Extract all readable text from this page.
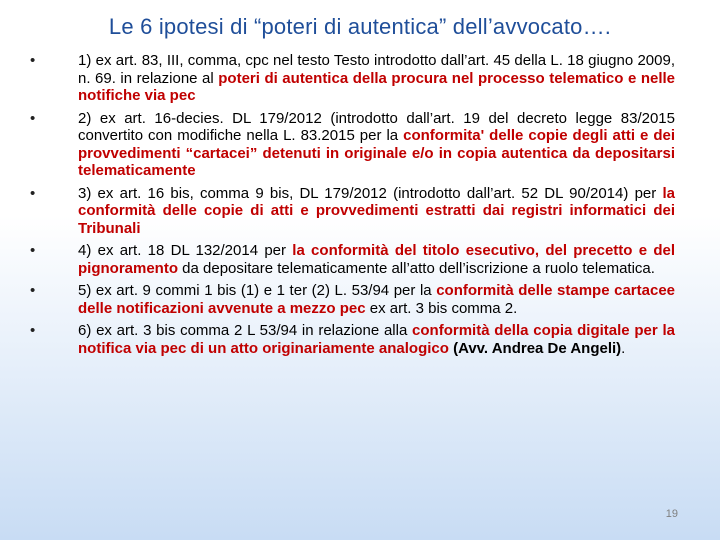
Le 6 ipotesi di “poteri di autentica” dell’avvocato….
•	1) ex art. 83, III, comma, cpc nel testo Testo introdotto dall’art. 45 della L. 18 giugno 2009, n. 69. in relazione al poteri di autentica della procura nel processo telematico e nelle notifiche via pec
•	2) ex art. 16-decies. DL 179/2012 (introdotto dall’art. 19 del decreto legge 83/2015 convertito con modifiche nella L. 83.2015 per la conformita' delle copie degli atti e dei provvedimenti “cartacei” detenuti in originale e/o in copia autentica da depositarsi telematicamente
•	3) ex art. 16 bis, comma 9 bis, DL 179/2012 (introdotto dall’art. 52 DL 90/2014) per la conformità delle copie di atti e provvedimenti estratti dai registri informatici dei Tribunali
•	4) ex art. 18 DL 132/2014 per la conformità del titolo esecutivo, del precetto e del pignoramento da depositare telematicamente all’atto dell’iscrizione a ruolo telematica.
•	5) ex art. 9 commi 1 bis (1) e 1 ter (2) L. 53/94 per la conformità delle stampe cartacee delle notificazioni avvenute a mezzo pec ex art. 3 bis comma 2.
•	6) ex art. 3 bis comma 2 L 53/94 in relazione alla conformità della copia digitale per la notifica via pec di un atto originariamente analogico (Avv. Andrea De Angeli).
19
